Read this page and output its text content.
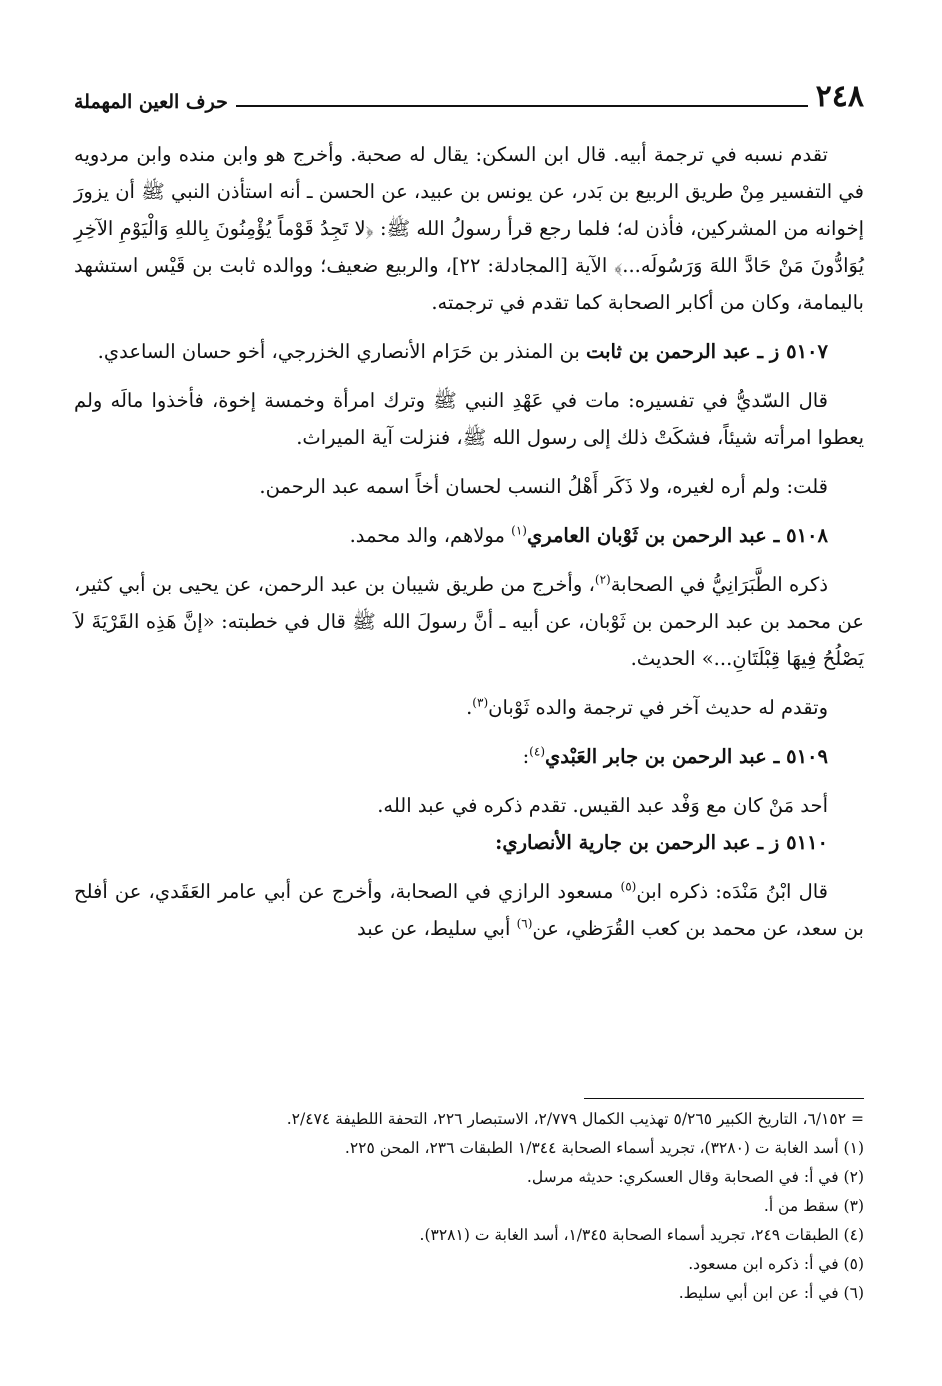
٢٤٨
حرف العين المهملة

تقدم نسبه في ترجمة أبيه. قال ابن السكن: يقال له صحبة. وأخرج هو وابن منده وابن مردويه في التفسير مِنْ طريق الربيع بن بَدر، عن يونس بن عبيد، عن الحسن ـ أنه استأذن النبي ﷺ أن يزورَ إخوانه من المشركين، فأذن له؛ فلما رجع قرأ رسولُ الله ﷺ: ﴿لا تَجِدُ قَوْماً يُؤْمِنُونَ بِاللهِ وَالْيَوْمِ الآخِرِ يُوَادُّونَ مَنْ حَادَّ اللهَ وَرَسُولَه...﴾ الآية [المجادلة: ٢٢]، والربيع ضعيف؛ ووالده ثابت بن قَيْس استشهد باليمامة، وكان من أكابر الصحابة كما تقدم في ترجمته.

٥١٠٧ ز ـ عبد الرحمن بن ثابت بن المنذر بن حَرَام الأنصاري الخزرجي، أخو حسان الساعدي.

قال السّديُّ في تفسيره: مات في عَهْدِ النبي ﷺ وترك امرأة وخمسة إخوة، فأخذوا مالَه ولم يعطوا امرأته شيئاً، فشكَتْ ذلك إلى رسول الله ﷺ، فنزلت آية الميراث.

قلت: ولم أره لغيره، ولا ذَكَر أَهْلُ النسب لحسان أخاً اسمه عبد الرحمن.

٥١٠٨ ـ عبد الرحمن بن ثَوْبان العامري$^{(١)}$ مولاهم، والد محمد.

ذكره الطَّبَرَانِيُّ في الصحابة$^{(٢)}$، وأخرج من طريق شيبان بن عبد الرحمن، عن يحيى بن أبي كثير، عن محمد بن عبد الرحمن بن ثَوْبان، عن أبيه ـ أنَّ رسولَ الله ﷺ قال في خطبته: «إنَّ هَذِه القَرْيَةَ لاَ يَصْلُحُ فِيهَا قِبْلَتَانِ...» الحديث.

وتقدم له حديث آخر في ترجمة والده ثَوْبان$^{(٣)}$.

٥١٠٩ ـ عبد الرحمن بن جابر العَبْدي$^{(٤)}$:

أحد مَنْ كان مع وَفْد عبد القيس. تقدم ذكره في عبد الله.

٥١١٠ ز ـ عبد الرحمن بن جارية الأنصاري:

قال ابْنُ مَنْدَه: ذكره ابن$^{(٥)}$ مسعود الرازي في الصحابة، وأخرج عن أبي عامر العَقَدي، عن أفلح بن سعد، عن محمد بن كعب القُرَظي، عن$^{(٦)}$ أبي سليط، عن عبد

= ٦/١٥٢، التاريخ الكبير ٥/٢٦٥ تهذيب الكمال ٢/٧٧٩، الاستبصار ٢٢٦، التحفة اللطيفة ٢/٤٧٤.
(١) أسد الغابة ت (٣٢٨٠)، تجريد أسماء الصحابة ١/٣٤٤ الطبقات ٢٣٦، المحن ٢٢٥.
(٢) في أ: في الصحابة وقال العسكري: حديثه مرسل.
(٣) سقط من أ.
(٤) الطبقات ٢٤٩، تجريد أسماء الصحابة ١/٣٤٥، أسد الغابة ت (٣٢٨١).
(٥) في أ: ذكره ابن مسعود.
(٦) في أ: عن ابن أبي سليط.
